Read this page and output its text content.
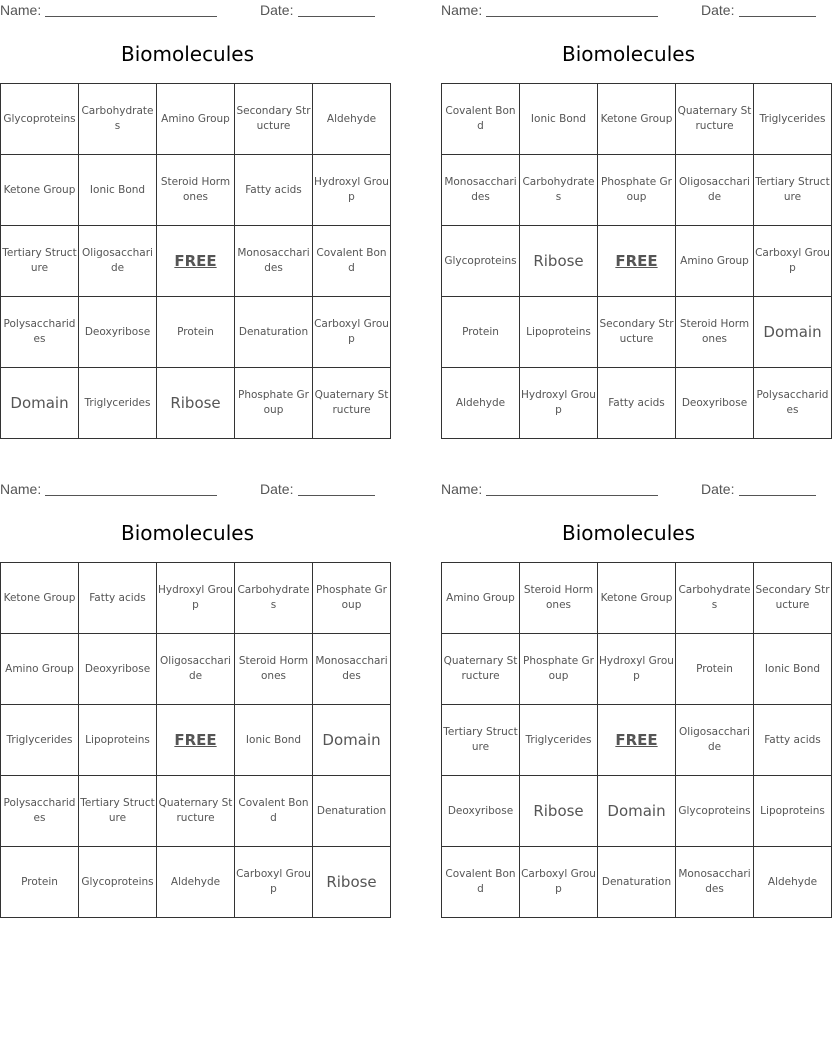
Name:	Date:
Biomolecules
Glycoproteins	Carbohydrates	Amino Group	Secondary Structure	Aldehyde
Ketone Group	Ionic Bond	Steroid Hormones	Fatty acids	Hydroxyl Group
Tertiary Structure	Oligosaccharide	FREE	Monosaccharides	Covalent Bond
Polysaccharides	Deoxyribose	Protein	Denaturation	Carboxyl Group
Domain	Triglycerides	Ribose	Phosphate Group	Quaternary Structure
Name:	Date:
Biomolecules
Covalent Bond	Ionic Bond	Ketone Group	Quaternary Structure	Triglycerides
Monosaccharides	Carbohydrates	Phosphate Group	Oligosaccharide	Tertiary Structure
Glycoproteins	Ribose	FREE	Amino Group	Carboxyl Group
Protein	Lipoproteins	Secondary Structure	Steroid Hormones	Domain
Aldehyde	Hydroxyl Group	Fatty acids	Deoxyribose	Polysaccharides
Name:	Date:
Biomolecules
Ketone Group	Fatty acids	Hydroxyl Group	Carbohydrates	Phosphate Group
Amino Group	Deoxyribose	Oligosaccharide	Steroid Hormones	Monosaccharides
Triglycerides	Lipoproteins	FREE	Ionic Bond	Domain
Polysaccharides	Tertiary Structure	Quaternary Structure	Covalent Bond	Denaturation
Protein	Glycoproteins	Aldehyde	Carboxyl Group	Ribose
Name:	Date:
Biomolecules
Amino Group	Steroid Hormones	Ketone Group	Carbohydrates	Secondary Structure
Quaternary Structure	Phosphate Group	Hydroxyl Group	Protein	Ionic Bond
Tertiary Structure	Triglycerides	FREE	Oligosaccharide	Fatty acids
Deoxyribose	Ribose	Domain	Glycoproteins	Lipoproteins
Covalent Bond	Carboxyl Group	Denaturation	Monosaccharides	Aldehyde
